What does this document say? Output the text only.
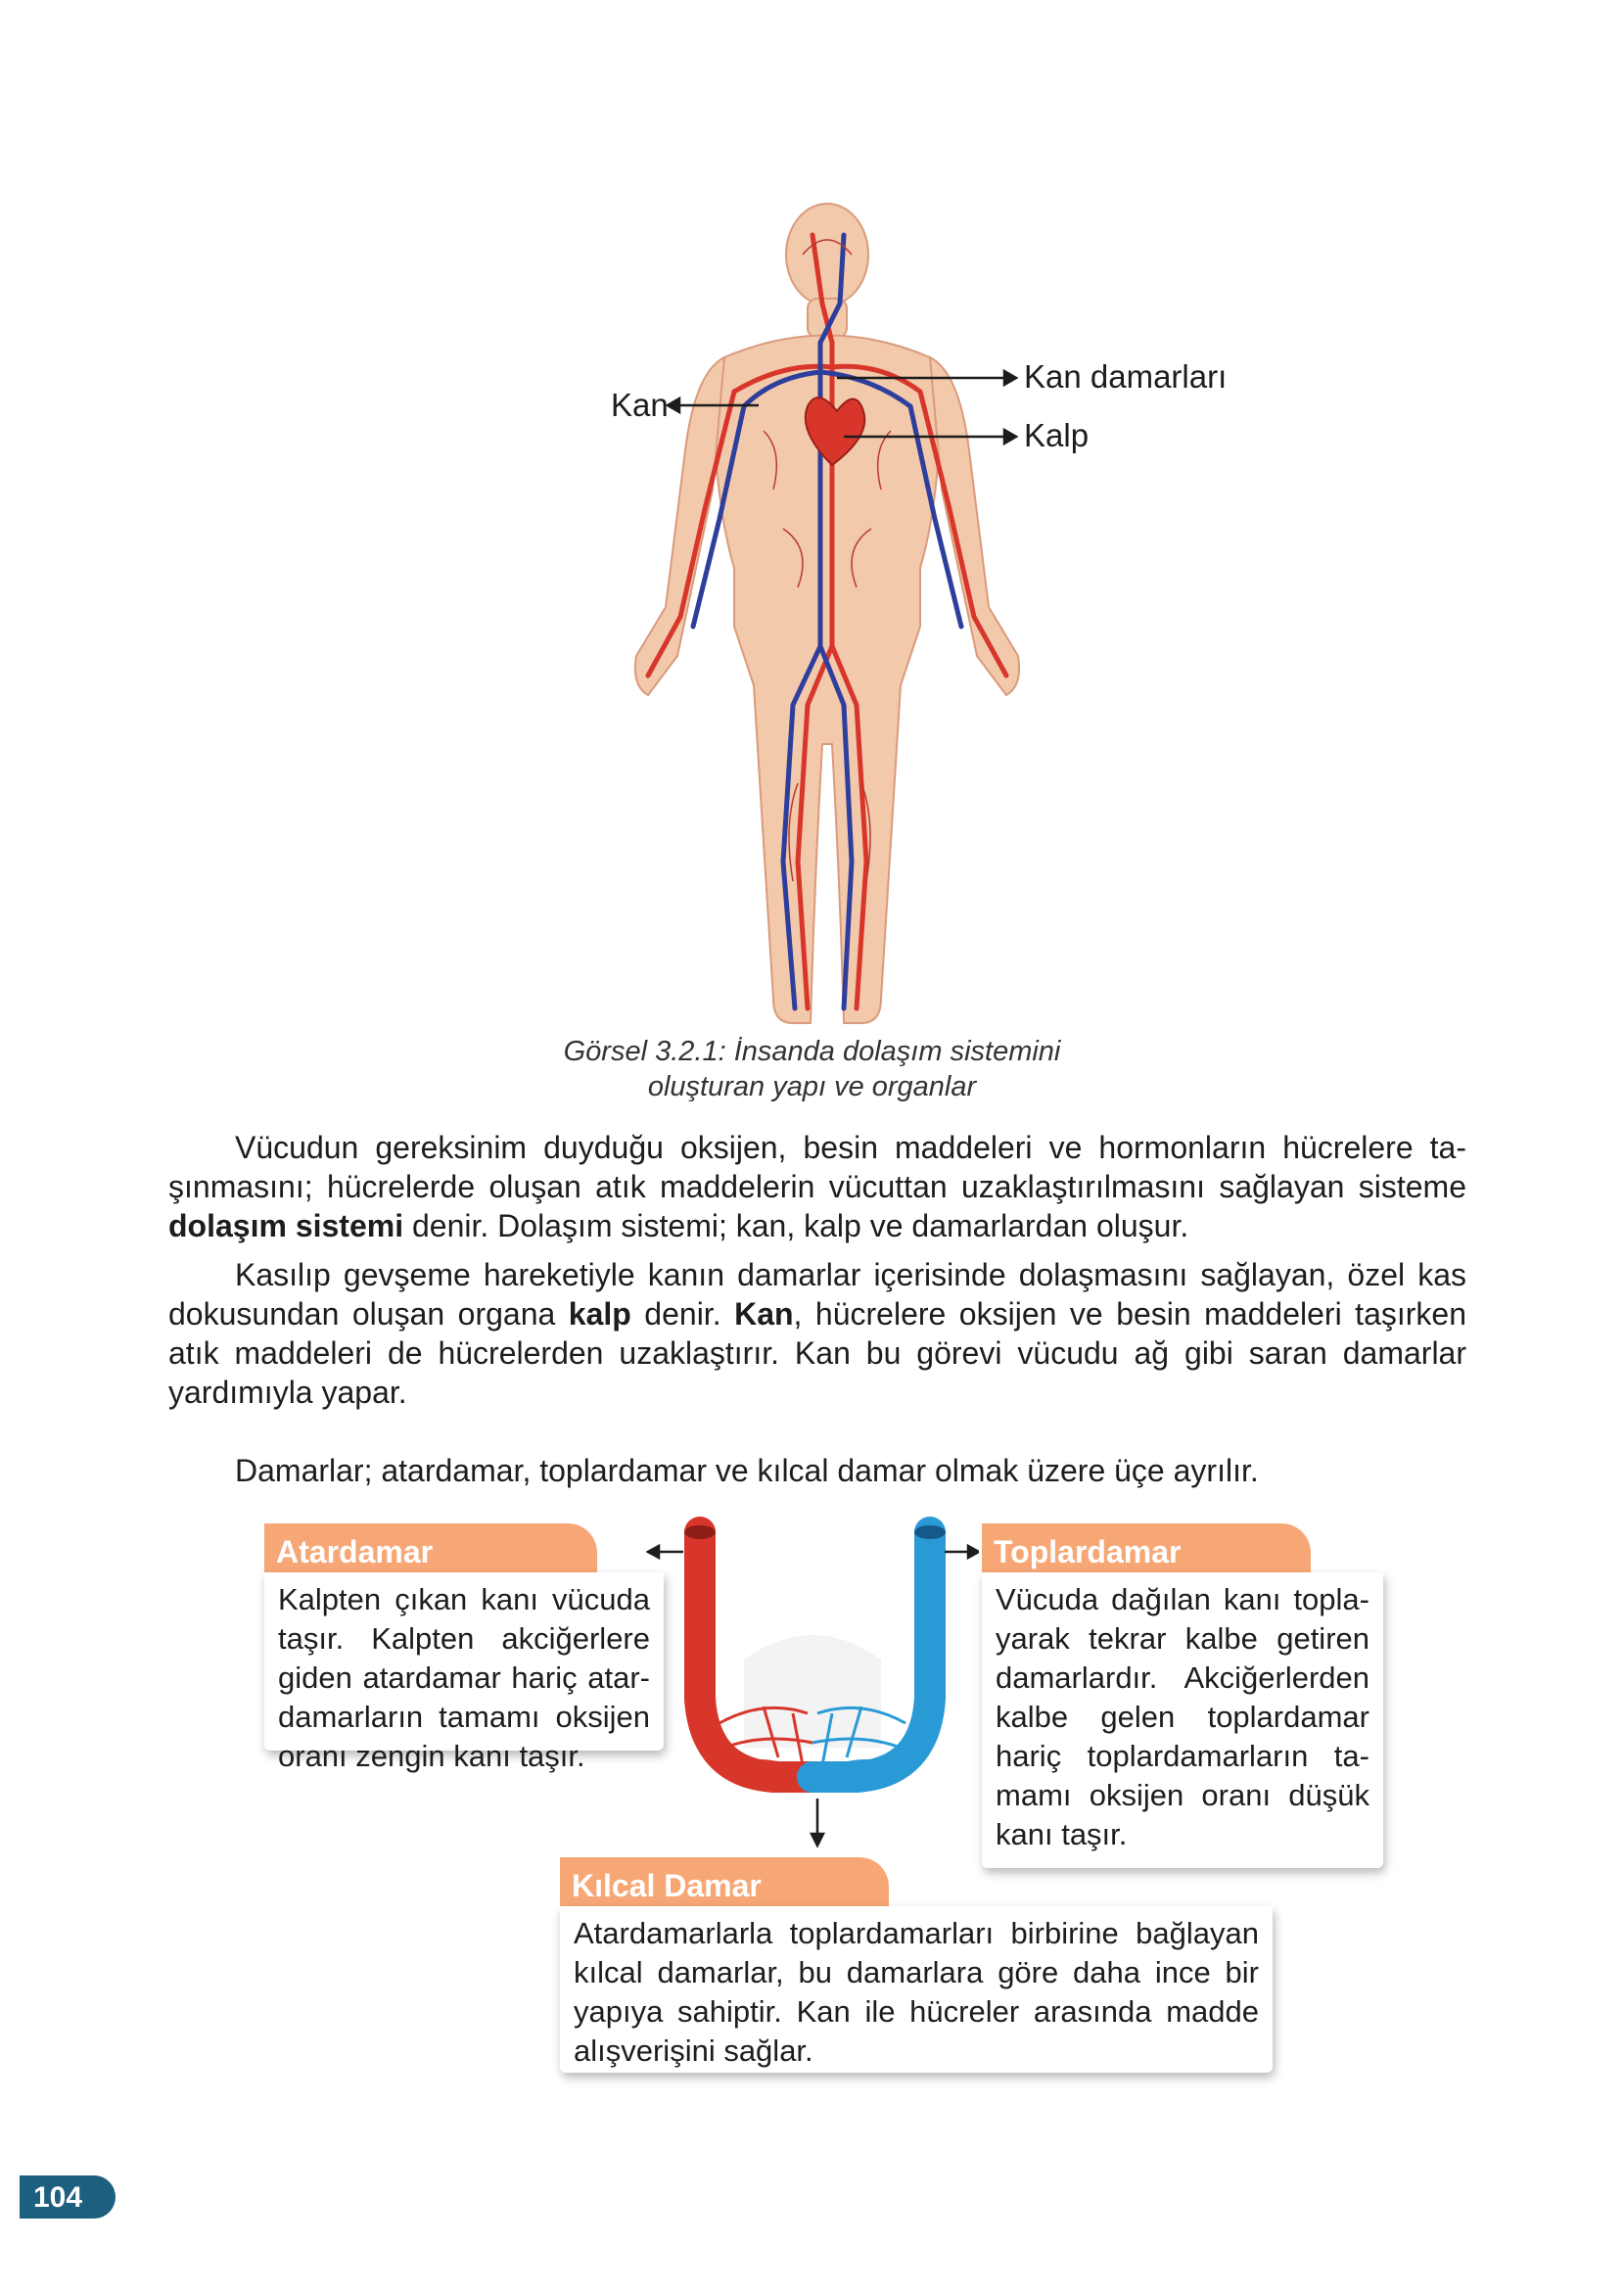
Kan
Kan damarları
Kalp
Görsel 3.2.1: İnsanda dolaşım sistemini
oluşturan yapı ve organlar

Vücudun gereksinim duyduğu oksijen, besin maddeleri ve hormonların hücrelere ta-şınmasını; hücrelerde oluşan atık maddelerin vücuttan uzaklaştırılmasını sağlayan sisteme dolaşım sistemi denir. Dolaşım sistemi; kan, kalp ve damarlardan oluşur.

Kasılıp gevşeme hareketiyle kanın damarlar içerisinde dolaşmasını sağlayan, özel kas dokusundan oluşan organa kalp denir. Kan, hücrelere oksijen ve besin maddeleri taşırken atık maddeleri de hücrelerden uzaklaştırır. Kan bu görevi vücudu ağ gibi saran damarlar yardımıyla yapar.

Damarlar; atardamar, toplardamar ve kılcal damar olmak üzere üçe ayrılır.

Atardamar
Kalpten çıkan kanı vücuda taşır. Kalpten akciğerlere giden atardamar hariç atar-damarların tamamı oksijen oranı zengin kanı taşır.
Toplardamar
Vücuda dağılan kanı topla-yarak tekrar kalbe getiren damarlardır. Akciğerlerden kalbe gelen toplardamar hariç toplardamarların ta-mamı oksijen oranı düşük kanı taşır.
Kılcal Damar
Atardamarlarla toplardamarları birbirine bağlayan kılcal damarlar, bu damarlara göre daha ince bir yapıya sahiptir. Kan ile hücreler arasında madde alışverişini sağlar.
104
